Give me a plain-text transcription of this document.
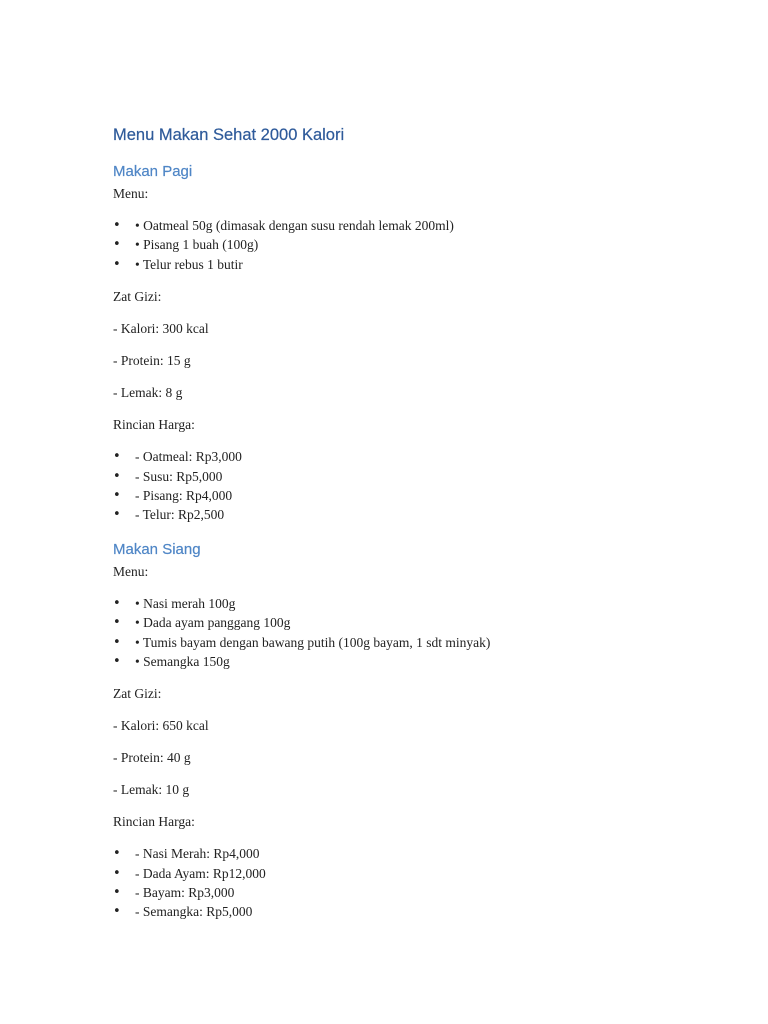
Menu Makan Sehat 2000 Kalori
Makan Pagi

Menu:

• • Oatmeal 50g (dimasak dengan susu rendah lemak 200ml)
• • Pisang 1 buah (100g)
• • Telur rebus 1 butir

Zat Gizi:

- Kalori: 300 kcal

- Protein: 15 g

- Lemak: 8 g

Rincian Harga:

• - Oatmeal: Rp3,000
• - Susu: Rp5,000
• - Pisang: Rp4,000
• - Telur: Rp2,500
Makan Siang

Menu:

• • Nasi merah 100g
• • Dada ayam panggang 100g
• • Tumis bayam dengan bawang putih (100g bayam, 1 sdt minyak)
• • Semangka 150g

Zat Gizi:

- Kalori: 650 kcal

- Protein: 40 g

- Lemak: 10 g

Rincian Harga:

• - Nasi Merah: Rp4,000
• - Dada Ayam: Rp12,000
• - Bayam: Rp3,000
• - Semangka: Rp5,000
